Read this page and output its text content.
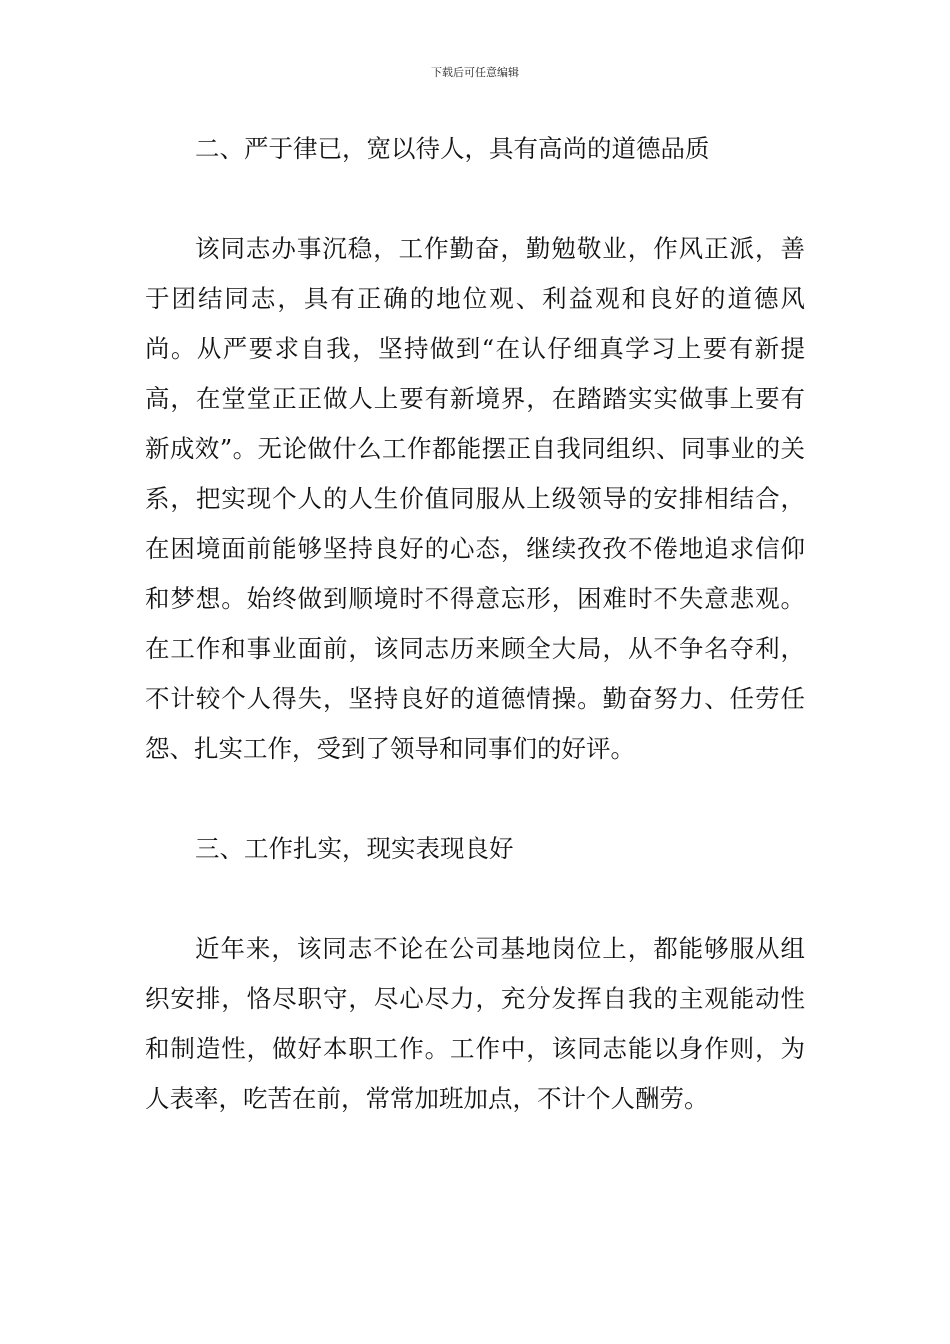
下载后可任意编辑

二、严于律已，宽以待人，具有高尚的道德品质

该同志办事沉稳，工作勤奋，勤勉敬业，作风正派，善于团结同志，具有正确的地位观、利益观和良好的道德风尚。从严要求自我，坚持做到“在认仔细真学习上要有新提高，在堂堂正正做人上要有新境界，在踏踏实实做事上要有新成效”。无论做什么工作都能摆正自我同组织、同事业的关系，把实现个人的人生价值同服从上级领导的安排相结合，在困境面前能够坚持良好的心态，继续孜孜不倦地追求信仰和梦想。始终做到顺境时不得意忘形，困难时不失意悲观。在工作和事业面前，该同志历来顾全大局，从不争名夺利，不计较个人得失，坚持良好的道德情操。勤奋努力、任劳任怨、扎实工作，受到了领导和同事们的好评。

三、工作扎实，现实表现良好

近年来，该同志不论在公司基地岗位上，都能够服从组织安排，恪尽职守，尽心尽力，充分发挥自我的主观能动性和制造性，做好本职工作。工作中，该同志能以身作则，为人表率，吃苦在前，常常加班加点，不计个人酬劳。
